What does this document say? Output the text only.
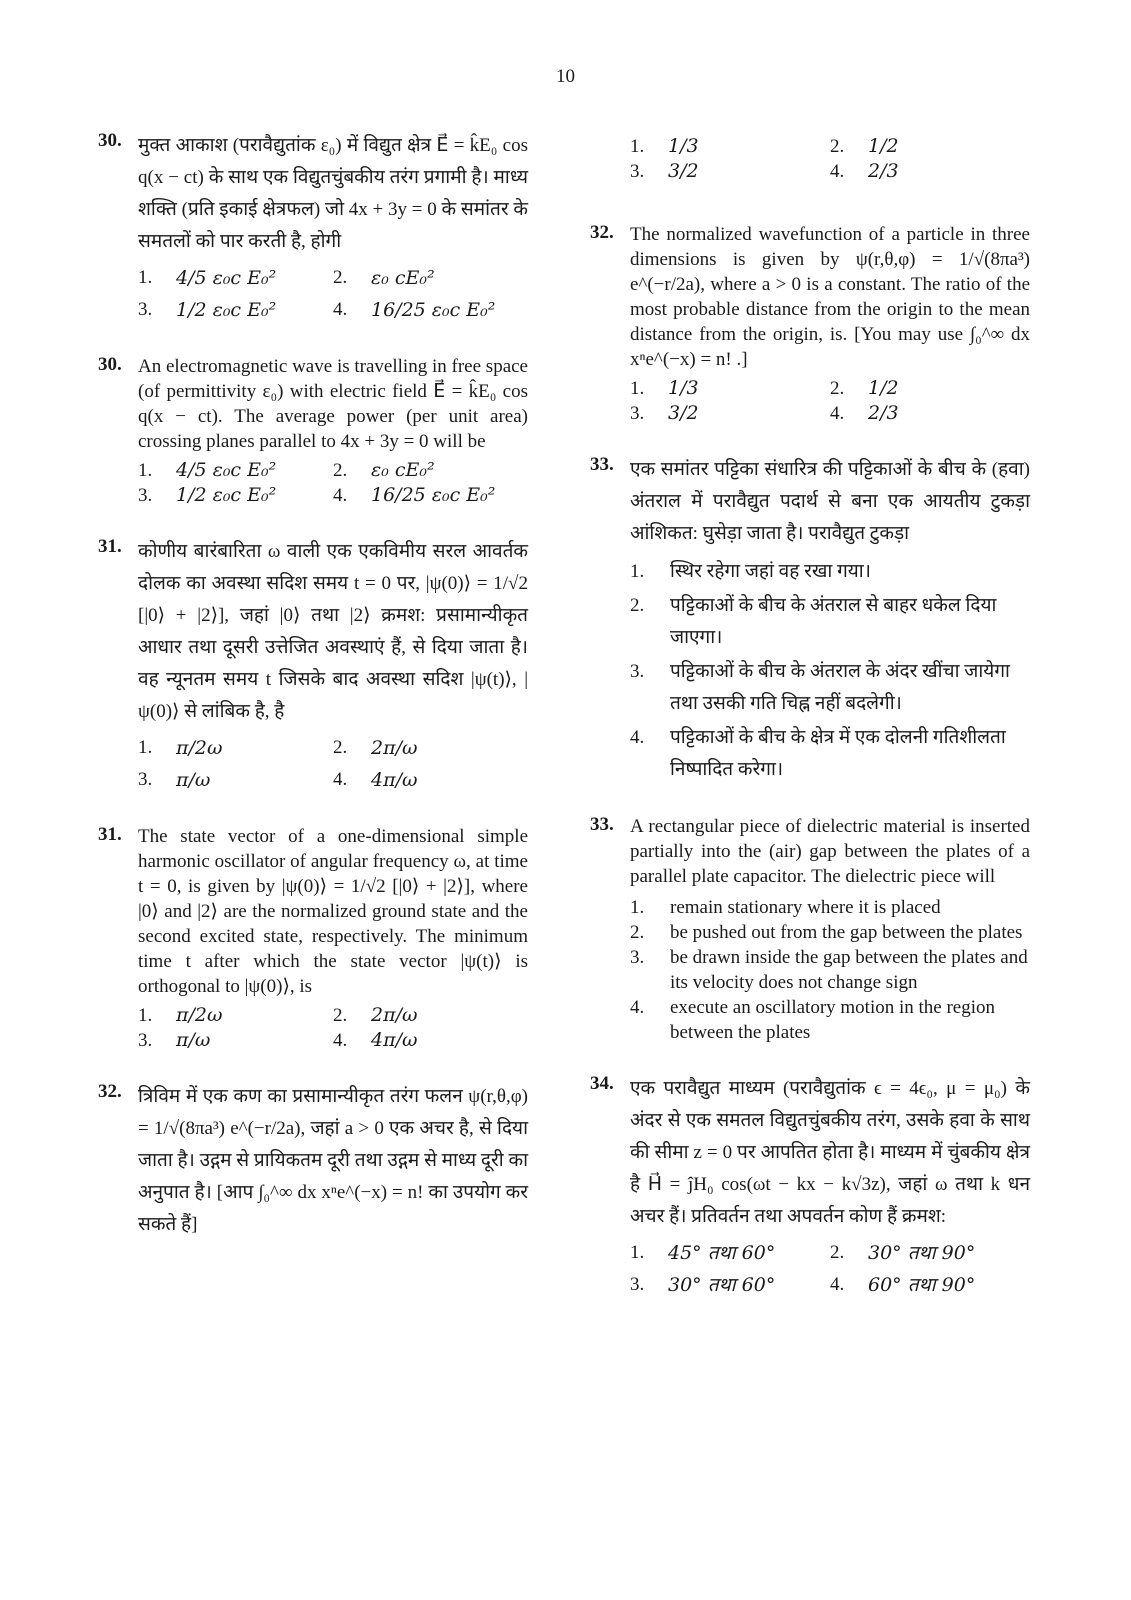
10
30. मुक्त आकाश (परावैद्युतांक ε₀) में विद्युत क्षेत्र E⃗ = k̂E₀ cos q(x − ct) के साथ एक विद्युतचुंबकीय तरंग प्रगामी है। माध्य शक्ति (प्रति इकाई क्षेत्रफल) जो 4x + 3y = 0 के समांतर के समतलों को पार करती है, होगी
1.	4/5 ε₀c E₀²	2.	ε₀ cE₀²
3.	1/2 ε₀c E₀²	4.	16/25 ε₀c E₀²
30. An electromagnetic wave is travelling in free space (of permittivity ε₀) with electric field E⃗ = k̂E₀ cos q(x − ct). The average power (per unit area) crossing planes parallel to 4x + 3y = 0 will be
1.	4/5 ε₀c E₀²	2.	ε₀ cE₀²
3.	1/2 ε₀c E₀²	4.	16/25 ε₀c E₀²
31. कोणीय बारंबारिता ω वाली एक एकविमीय सरल आवर्तक दोलक का अवस्था सदिश समय t = 0 पर, |ψ(0)⟩ = 1/√2 [|0⟩ + |2⟩], जहां |0⟩ तथा |2⟩ क्रमश: प्रसामान्यीकृत आधार तथा दूसरी उत्तेजित अवस्थाएं हैं, से दिया जाता है। वह न्यूनतम समय t जिसके बाद अवस्था सदिश |ψ(t)⟩, |ψ(0)⟩ से लांबिक है, है
1.	π/2ω	2.	2π/ω
3.	π/ω	4.	4π/ω
31. The state vector of a one-dimensional simple harmonic oscillator of angular frequency ω, at time t = 0, is given by |ψ(0)⟩ = 1/√2 [|0⟩ + |2⟩], where |0⟩ and |2⟩ are the normalized ground state and the second excited state, respectively. The minimum time t after which the state vector |ψ(t)⟩ is orthogonal to |ψ(0)⟩, is
1.	π/2ω	2.	2π/ω
3.	π/ω	4.	4π/ω
32. त्रिविम में एक कण का प्रसामान्यीकृत तरंग फलन ψ(r,θ,φ) = 1/√(8πa³) e^(−r/2a), जहां a > 0 एक अचर है, से दिया जाता है। उद्गम से प्रायिकतम दूरी तथा उद्गम से माध्य दूरी का अनुपात है। [आप ∫₀^∞ dx xⁿe^(−x) = n! का उपयोग कर सकते हैं]
1.	1/3	2.	1/2
3.	3/2	4.	2/3
32. The normalized wavefunction of a particle in three dimensions is given by ψ(r,θ,φ) = 1/√(8πa³) e^(−r/2a), where a > 0 is a constant. The ratio of the most probable distance from the origin to the mean distance from the origin, is. [You may use ∫₀^∞ dx xⁿe^(−x) = n! .]
1.	1/3	2.	1/2
3.	3/2	4.	2/3
33. एक समांतर पट्टिका संधारित्र की पट्टिकाओं के बीच के (हवा) अंतराल में परावैद्युत पदार्थ से बना एक आयतीय टुकड़ा आंशिकत: घुसेड़ा जाता है। परावैद्युत टुकड़ा
1.	स्थिर रहेगा जहां वह रखा गया।
2.	पट्टिकाओं के बीच के अंतराल से बाहर धकेल दिया जाएगा।
3.	पट्टिकाओं के बीच के अंतराल के अंदर खींचा जायेगा तथा उसकी गति चिह्न नहीं बदलेगी।
4.	पट्टिकाओं के बीच के क्षेत्र में एक दोलनी गतिशीलता निष्पादित करेगा।
33. A rectangular piece of dielectric material is inserted partially into the (air) gap between the plates of a parallel plate capacitor. The dielectric piece will
1.	remain stationary where it is placed
2.	be pushed out from the gap between the plates
3.	be drawn inside the gap between the plates and its velocity does not change sign
4.	execute an oscillatory motion in the region between the plates
34. एक परावैद्युत माध्यम (परावैद्युतांक ϵ = 4ϵ₀, μ = μ₀) के अंदर से एक समतल विद्युतचुंबकीय तरंग, उसके हवा के साथ की सीमा z = 0 पर आपतित होता है। माध्यम में चुंबकीय क्षेत्र है H⃗ = ĵH₀ cos(ωt − kx − k√3z), जहां ω तथा k धन अचर हैं। प्रतिवर्तन तथा अपवर्तन कोण हैं क्रमश:
1.	45° तथा 60°	2.	30° तथा 90°
3.	30° तथा 60°	4.	60° तथा 90°
